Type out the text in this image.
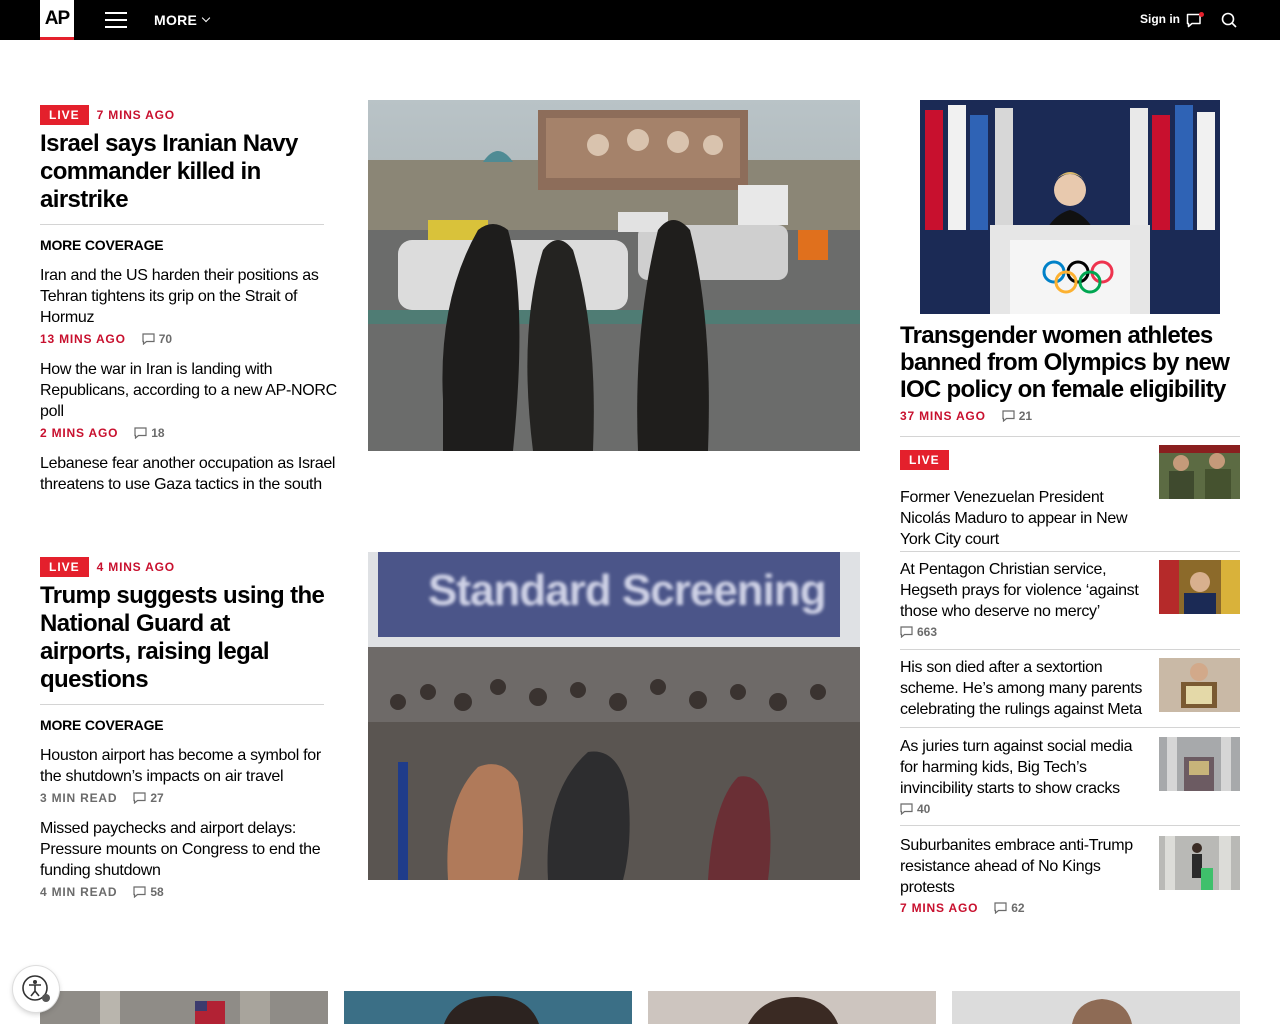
AP	MORE	Sign in
LIVE	7 MINS AGO
Israel says Iranian Navy commander killed in airstrike
MORE COVERAGE
Iran and the US harden their positions as Tehran tightens its grip on the Strait of Hormuz
13 MINS AGO	70
How the war in Iran is landing with Republicans, according to a new AP-NORC poll
2 MINS AGO	18
Lebanese fear another occupation as Israel threatens to use Gaza tactics in the south
LIVE	4 MINS AGO
Trump suggests using the National Guard at airports, raising legal questions
MORE COVERAGE
Houston airport has become a symbol for the shutdown’s impacts on air travel
3 MIN READ	27
Missed paychecks and airport delays: Pressure mounts on Congress to end the funding shutdown
4 MIN READ	58
Standard Screening
Transgender women athletes banned from Olympics by new IOC policy on female eligibility
37 MINS AGO	21
LIVE
Former Venezuelan President Nicolás Maduro to appear in New York City court
At Pentagon Christian service, Hegseth prays for violence ‘against those who deserve no mercy’
663
His son died after a sextortion scheme. He’s among many parents celebrating the rulings against Meta
As juries turn against social media for harming kids, Big Tech’s invincibility starts to show cracks
40
Suburbanites embrace anti-Trump resistance ahead of No Kings protests
7 MINS AGO	62
